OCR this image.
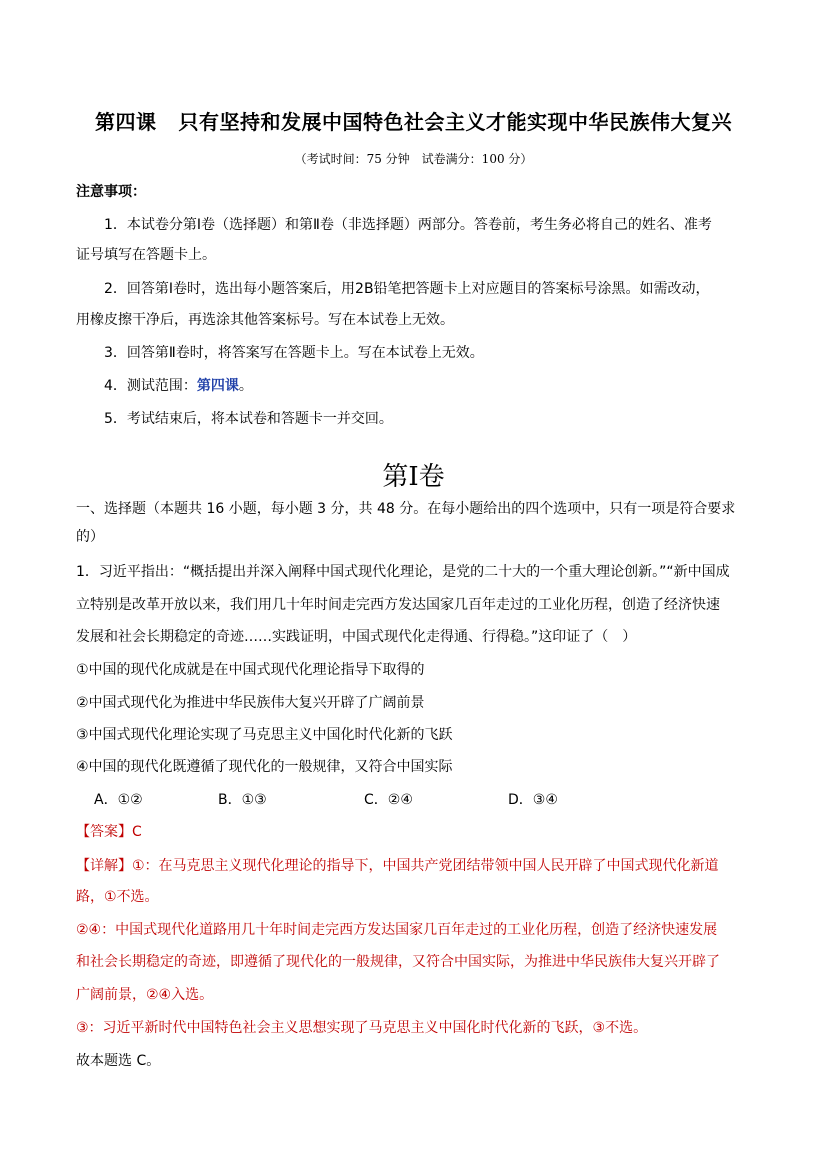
第四课 只有坚持和发展中国特色社会主义才能实现中华民族伟大复兴
（考试时间：75 分钟　试卷满分：100 分）
注意事项：
1．本试卷分第Ⅰ卷（选择题）和第Ⅱ卷（非选择题）两部分。答卷前，考生务必将自己的姓名、准考
证号填写在答题卡上。
2．回答第Ⅰ卷时，选出每小题答案后，用2B铅笔把答题卡上对应题目的答案标号涂黑。如需改动，
用橡皮擦干净后，再选涂其他答案标号。写在本试卷上无效。
3．回答第Ⅱ卷时，将答案写在答题卡上。写在本试卷上无效。
4．测试范围：第四课。
5．考试结束后，将本试卷和答题卡一并交回。
第Ⅰ卷
一、选择题（本题共 16 小题，每小题 3 分，共 48 分。在每小题给出的四个选项中，只有一项是符合要求
的）
1．习近平指出：“概括提出并深入阐释中国式现代化理论，是党的二十大的一个重大理论创新。”“新中国成
立特别是改革开放以来，我们用几十年时间走完西方发达国家几百年走过的工业化历程，创造了经济快速
发展和社会长期稳定的奇迹……实践证明，中国式现代化走得通、行得稳。”这印证了（　）
①中国的现代化成就是在中国式现代化理论指导下取得的
②中国式现代化为推进中华民族伟大复兴开辟了广阔前景
③中国式现代化理论实现了马克思主义中国化时代化新的飞跃
④中国的现代化既遵循了现代化的一般规律，又符合中国实际
A．①②	B．①③	C．②④	D．③④
【答案】C
【详解】①：在马克思主义现代化理论的指导下，中国共产党团结带领中国人民开辟了中国式现代化新道
路，①不选。
②④：中国式现代化道路用几十年时间走完西方发达国家几百年走过的工业化历程，创造了经济快速发展
和社会长期稳定的奇迹，即遵循了现代化的一般规律，又符合中国实际，为推进中华民族伟大复兴开辟了
广阔前景，②④入选。
③：习近平新时代中国特色社会主义思想实现了马克思主义中国化时代化新的飞跃，③不选。
故本题选 C。
